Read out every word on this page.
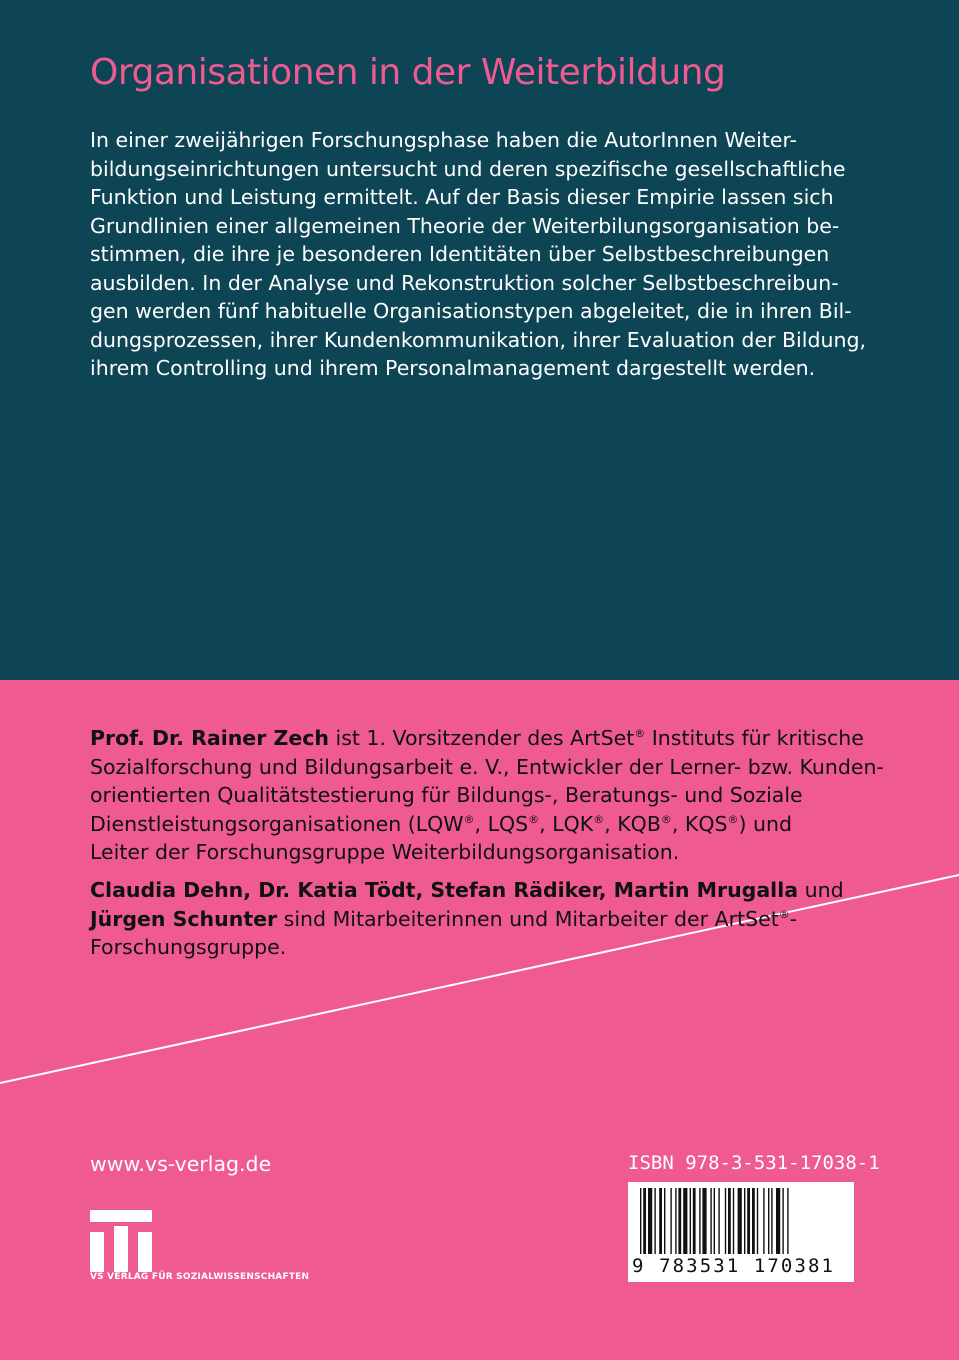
Organisationen in der Weiterbildung

In einer zweijährigen Forschungsphase haben die AutorInnen Weiter-
bildungseinrichtungen untersucht und deren spezifische gesellschaftliche
Funktion und Leistung ermittelt. Auf der Basis dieser Empirie lassen sich
Grundlinien einer allgemeinen Theorie der Weiterbilungsorganisation be-
stimmen, die ihre je besonderen Identitäten über Selbstbeschreibungen
ausbilden. In der Analyse und Rekonstruktion solcher Selbstbeschreibun-
gen werden fünf habituelle Organisationstypen abgeleitet, die in ihren Bil-
dungsprozessen, ihrer Kundenkommunikation, ihrer Evaluation der Bildung,
ihrem Controlling und ihrem Personalmanagement dargestellt werden.

Prof. Dr. Rainer Zech ist 1. Vorsitzender des ArtSet® Instituts für kritische
Sozialforschung und Bildungsarbeit e. V., Entwickler der Lerner- bzw. Kunden-
orientierten Qualitätstestierung für Bildungs-, Beratungs- und Soziale
Dienstleistungsorganisationen (LQW®, LQS®, LQK®, KQB®, KQS®) und
Leiter der Forschungsgruppe Weiterbildungsorganisation.

Claudia Dehn, Dr. Katia Tödt, Stefan Rädiker, Martin Mrugalla und
Jürgen Schunter sind Mitarbeiterinnen und Mitarbeiter der ArtSet®-
Forschungsgruppe.

www.vs-verlag.de

VS VERLAG FÜR SOZIALWISSENSCHAFTEN

ISBN 978-3-531-17038-1

9 783531 170381
